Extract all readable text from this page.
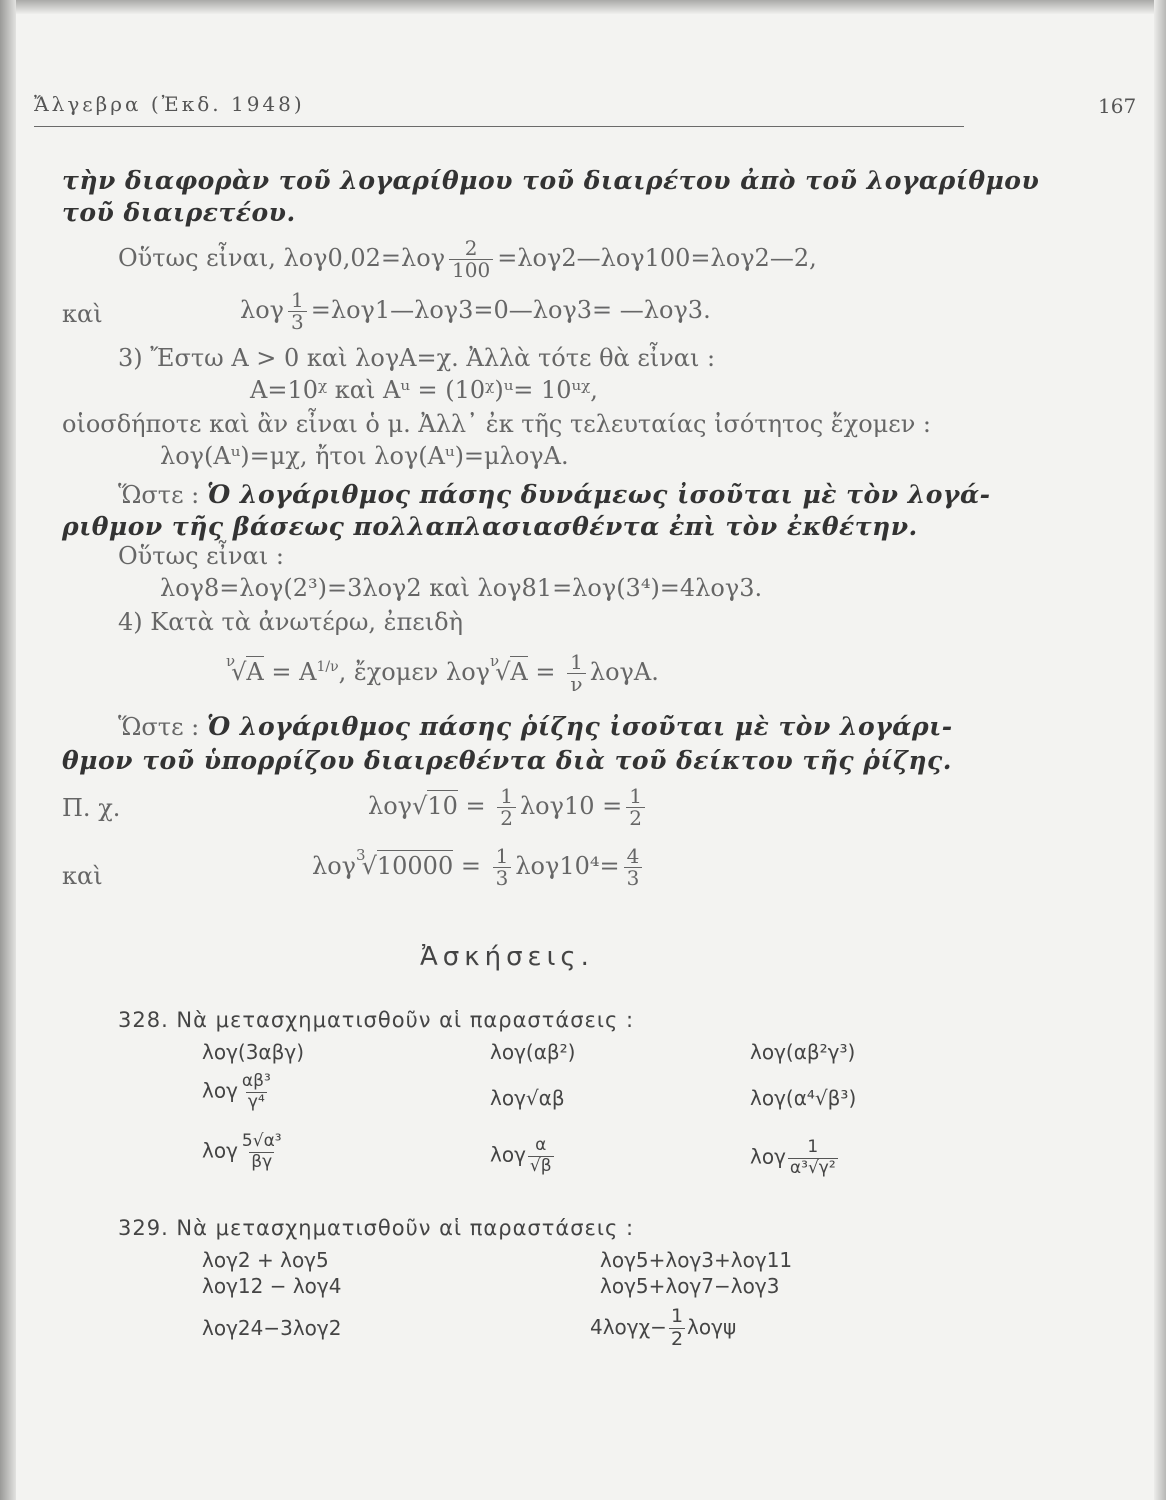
Ἄλγεβρα (Ἐκδ. 1948)	167
τὴν διαφορὰν τοῦ λογαρίθμου τοῦ διαιρέτου ἀπὸ τοῦ λογαρίθμου
τοῦ διαιρετέου.
Οὕτως εἶναι, $\lambda o\gamma 0,02=\lambda o\gamma \frac{2}{100}$ =λογ2—λογ100=λογ2—2,
καὶ	λογ $\frac{1}{3}$ =λογ1—λογ3=0—λογ3= —λογ3.
3) Ἔστω Α > 0 καὶ λογΑ=χ. Ἀλλὰ τότε θὰ εἶναι :
Α=10ᵡ καὶ Αᵘ = (10ᵡ)ᵘ= 10ᵘᵡ,
οἱοσδήποτε καὶ ἂν εἶναι ὁ μ. Ἀλλ᾽ ἐκ τῆς τελευταίας ἰσότητος ἔχομεν :
λογ(Αᵘ)=μχ, ἤτοι λογ(Αᵘ)=μλογΑ.
Ὥστε : Ὁ λογάριθμος πάσης δυνάμεως ἰσοῦται μὲ τὸν λογά-
ριθμον τῆς βάσεως πολλαπλασιασθέντα ἐπὶ τὸν ἐκθέτην.
Οὕτως εἶναι :
λογ8=λογ(2³)=3λογ2 καὶ λογ81=λογ(3⁴)=4λογ3.
4) Κατὰ τὰ ἀνωτέρω, ἐπειδὴ
$^\nu√A = A^{1/\nu}$, ἔχομεν $\lambda o\gamma^\nu√A = \frac{1}{\nu} \lambda o\gamma A$.
Ὥστε : Ὁ λογάριθμος πάσης ῥίζης ἰσοῦται μὲ τὸν λογάρι-
θμον τοῦ ὑπορρίζου διαιρεθέντα διὰ τοῦ δείκτου τῆς ῥίζης.
Π. χ.	$\lambda o\gamma√10 = \frac{1}{2} \lambda o\gamma 10 = \frac{1}{2}$
καὶ	$\lambda o\gamma^3√10000 = \frac{1}{3} \lambda o\gamma 10^4= \frac{4}{3}$
Ἀσκήσεις.
328. Νὰ μετασχηματισθοῦν αἱ παραστάσεις :
λογ(3αβγ)	λογ(αβ²)	λογ(αβ²γ³)
λογ $\frac{\text{αβ³}}{\text{γ⁴}}$	λογ√αβ	λογ(α⁴√β³)
λογ $\frac{\text{5√α³}}{\beta\gamma}$	λογ $\frac{\alpha}{√\beta}$	λογ $\frac{1}{\text{α³√γ²}}$
329. Νὰ μετασχηματισθοῦν αἱ παραστάσεις :
λογ2 + λογ5	λογ5+λογ3+λογ11
λογ12 − λογ4	λογ5+λογ7−λογ3
λογ24−3λογ2	$4\lambda o\gamma\chi- \frac{1}{2}$ λογψ
